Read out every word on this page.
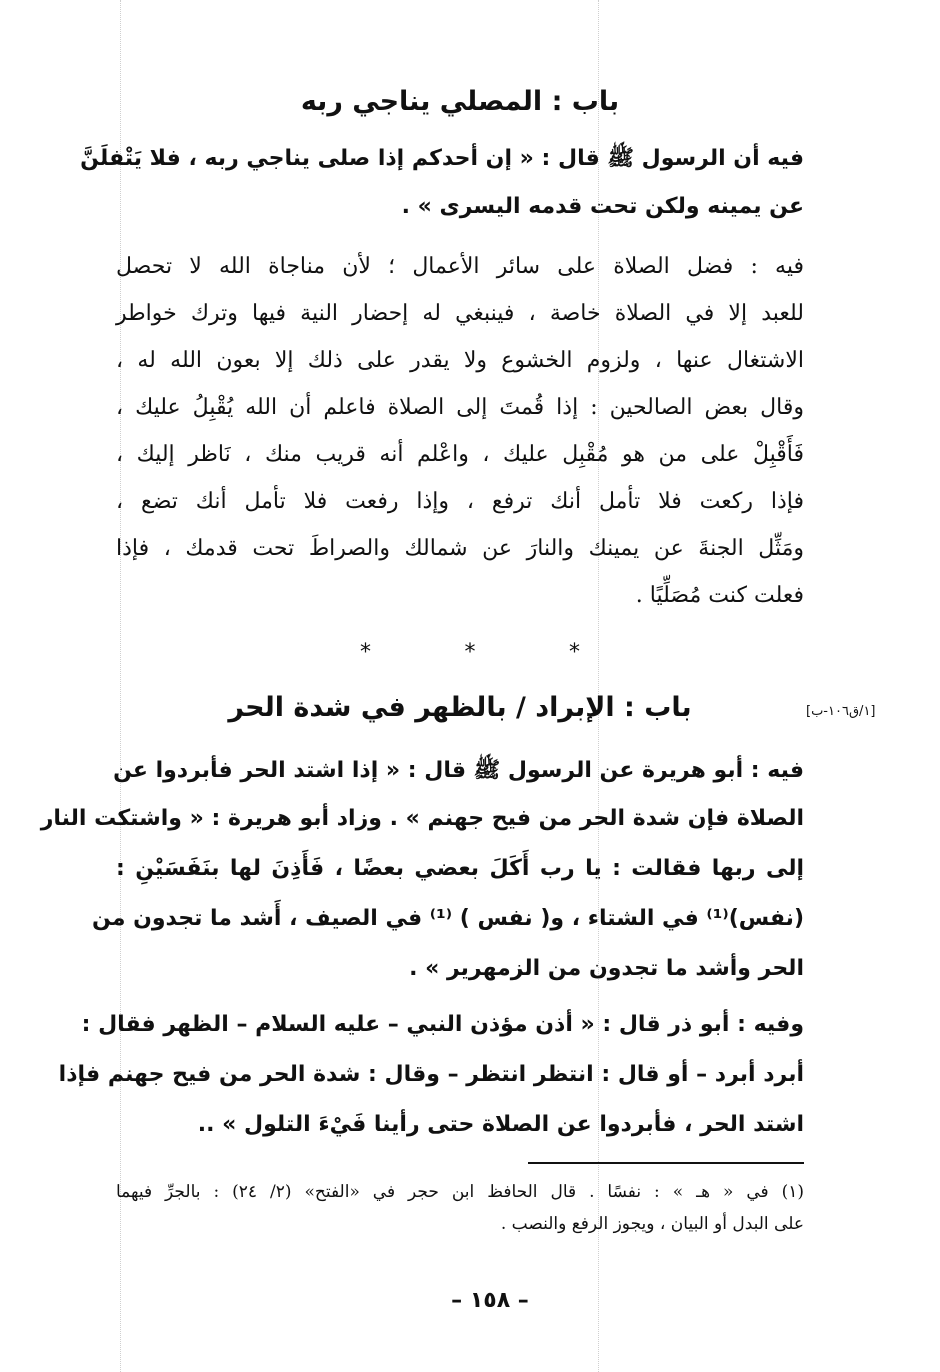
باب : المصلي يناجي ربه
فيه أن الرسول ﷺ قال : « إن أحدكم إذا صلى يناجي ربه ، فلا يَتْفلَنَّ
عن يمينه ولكن تحت قدمه اليسرى » .
فيه : فضل الصلاة على سائر الأعمال ؛ لأن مناجاة الله لا تحصل
للعبد إلا في الصلاة خاصة ، فينبغي له إحضار النية فيها وترك خواطر
الاشتغال عنها ، ولزوم الخشوع ولا يقدر على ذلك إلا بعون الله له ،
وقال بعض الصالحين : إذا قُمتَ إلى الصلاة فاعلم أن الله يُقْبِلُ عليك ،
فَأَقْبِلْ على من هو مُقْبِل عليك ، واعْلم أنه قريب منك ، نَاظر إليك ،
فإذا ركعت فلا تأمل أنك ترفع ، وإذا رفعت فلا تأمل أنك تضع ،
ومَثِّل الجنةَ عن يمينك والنارَ عن شمالك والصراطَ تحت قدمك ، فإذا
فعلت كنت مُصَلِّيًا .
*	*	*
[١/ق١٠٦-ب]
باب : الإبراد / بالظهر في شدة الحر
فيه : أبو هريرة عن الرسول ﷺ قال : « إذا اشتد الحر فأبردوا عن
الصلاة فإن شدة الحر من فيح جهنم » . وزاد أبو هريرة : « واشتكت النار
إلى ربها فقالت : يا رب أَكَلَ بعضي بعضًا ، فَأَذِنَ لها بنَفَسَيْنِ :
(نفس)⁽¹⁾ في الشتاء ، و( نفس ) ⁽¹⁾ في الصيف ، أَشد ما تجدون من
الحر وأشد ما تجدون من الزمهرير » .
وفيه : أبو ذر قال : « أذن مؤذن النبي – عليه السلام – الظهر فقال :
أبرد أبرد – أو قال : انتظر انتظر – وقال : شدة الحر من فيح جهنم فإذا
اشتد الحر ، فأبردوا عن الصلاة حتى رأينا فَيْءَ التلول » ..
(١) في « هـ » : نفسًا . قال الحافظ ابن حجر في «الفتح» (٢/ ٢٤) : بالجرِّ فيهما
على البدل أو البيان ، ويجوز الرفع والنصب .
– ١٥٨ –
